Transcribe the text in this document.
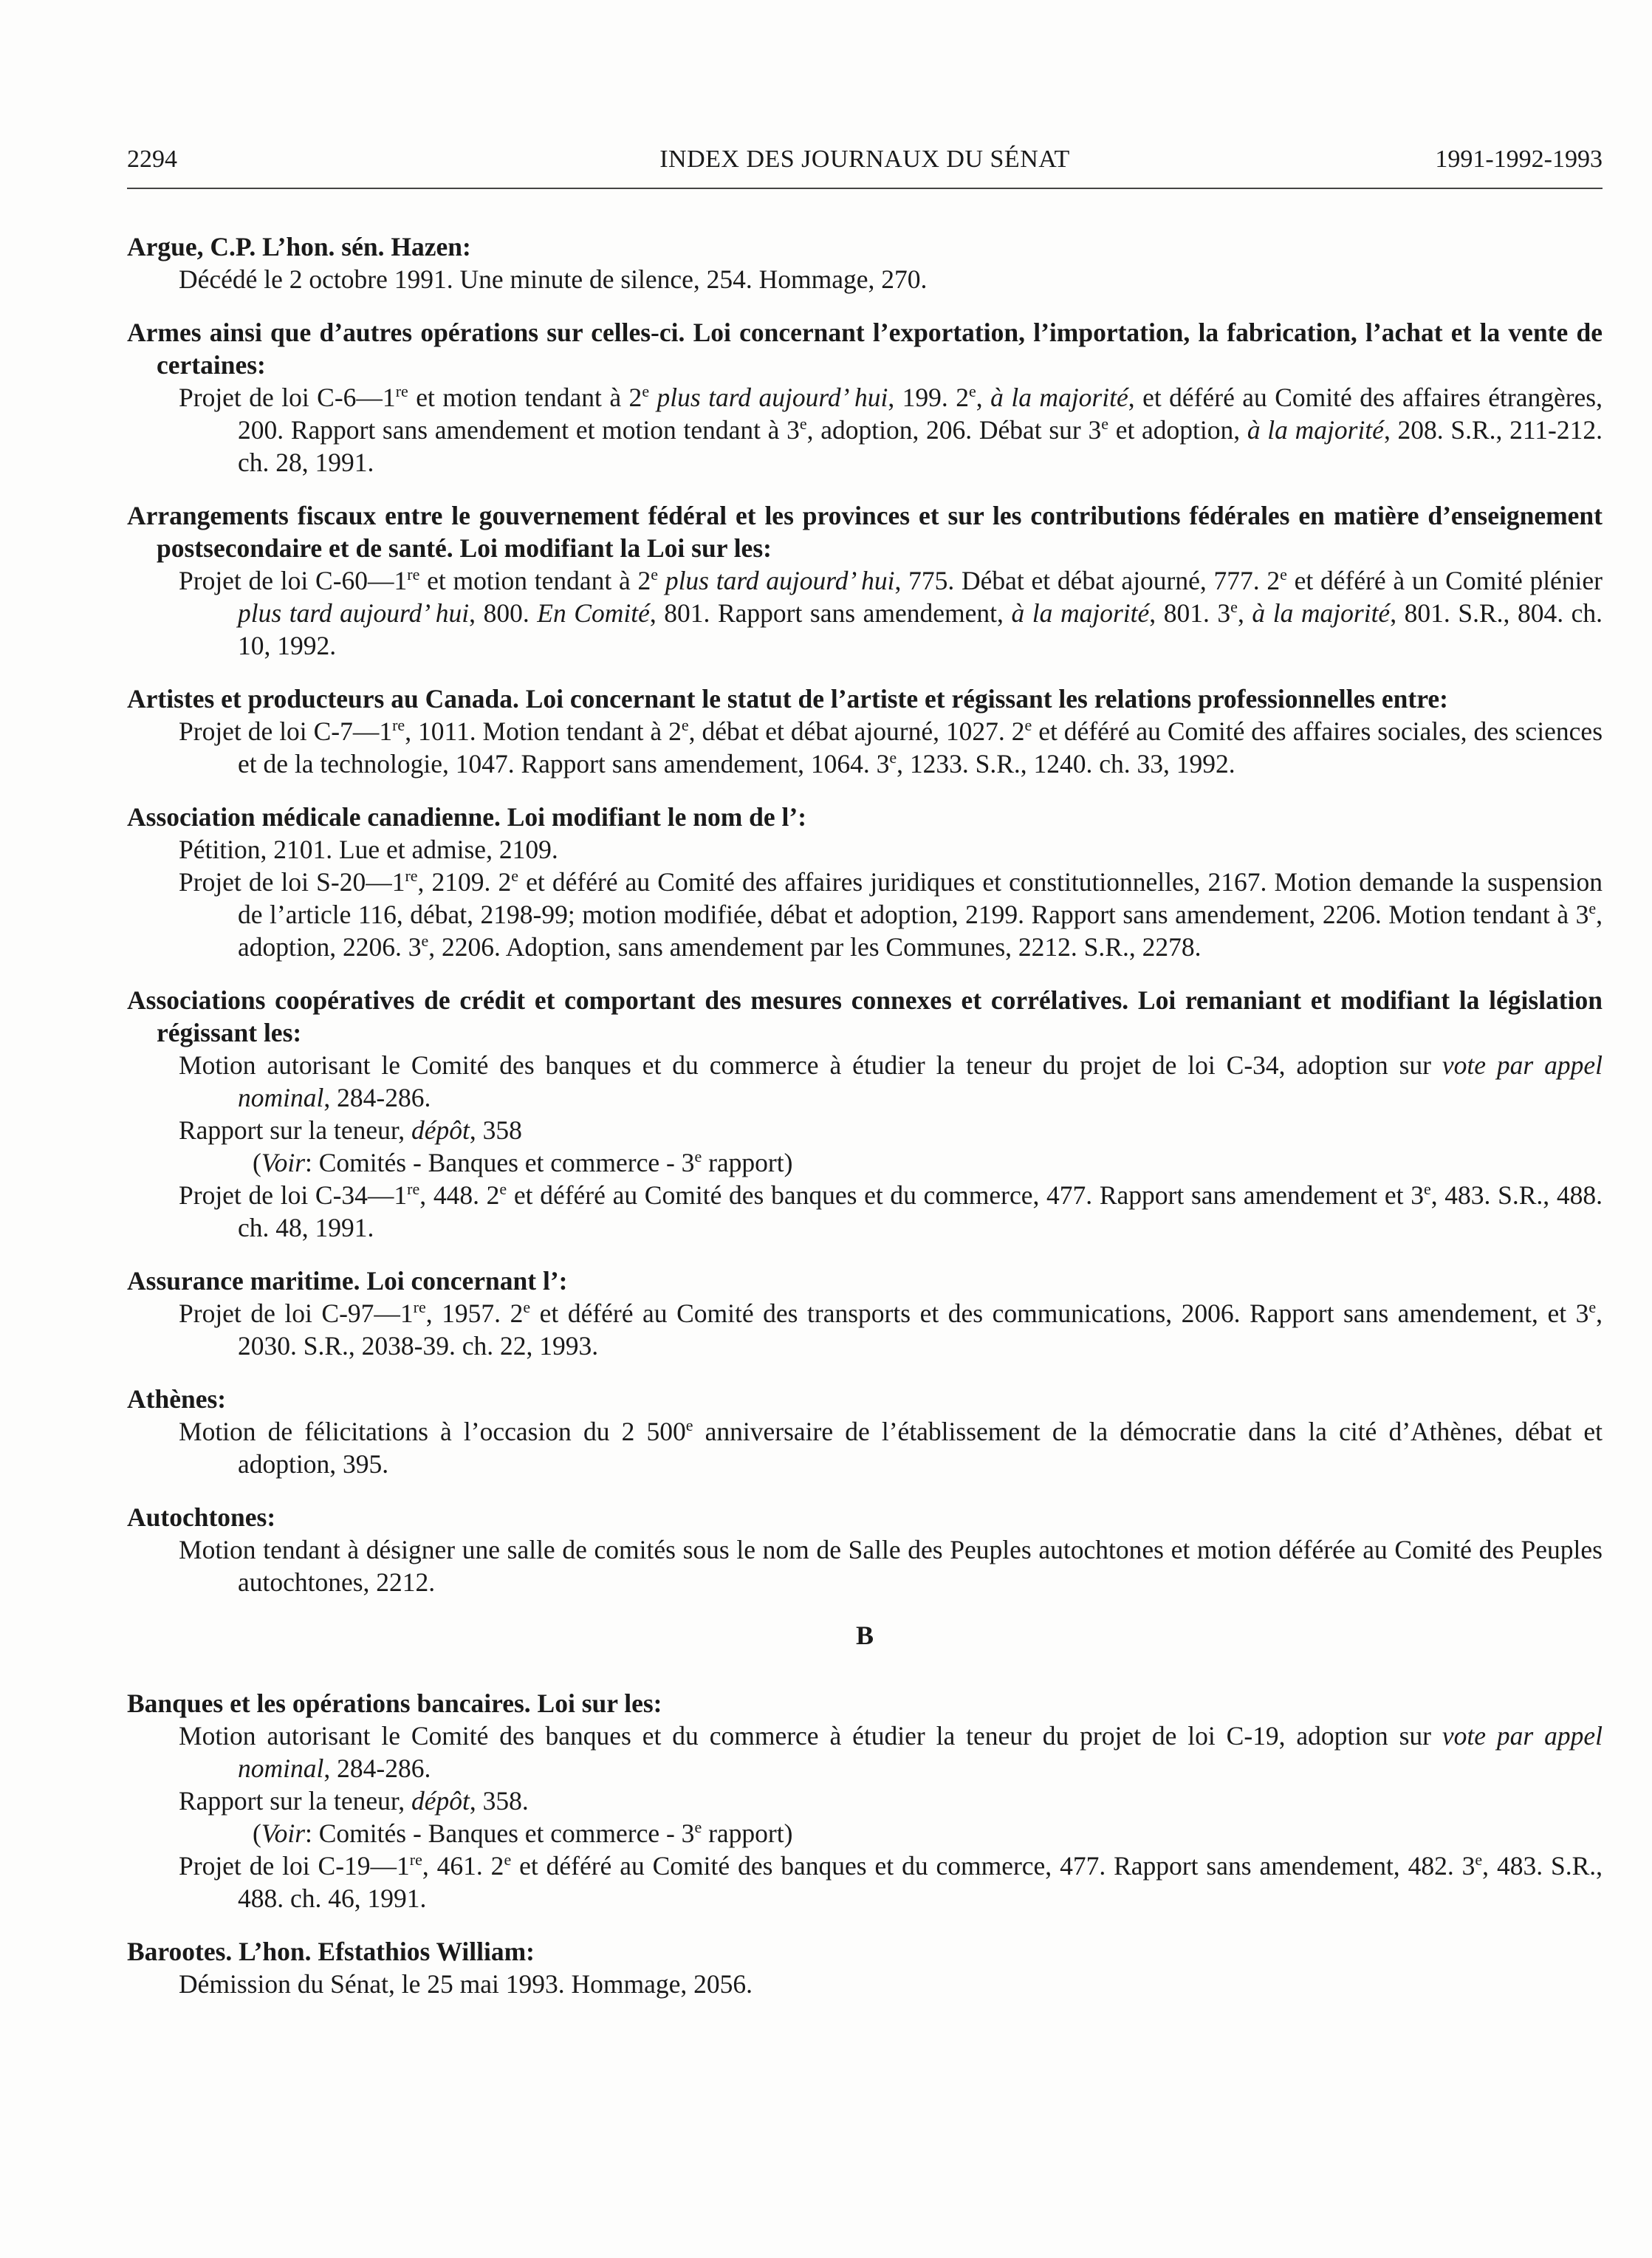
2294	INDEX DES JOURNAUX DU SÉNAT	1991-1992-1993
Argue, C.P. L’hon. sén. Hazen:
Décédé le 2 octobre 1991. Une minute de silence, 254. Hommage, 270.
Armes ainsi que d’autres opérations sur celles-ci. Loi concernant l’exportation, l’importation, la fabrication, l’achat et la vente de certaines:
Projet de loi C-6—1re et motion tendant à 2e plus tard aujourd’ hui, 199. 2e, à la majorité, et déféré au Comité des affaires étrangères, 200. Rapport sans amendement et motion tendant à 3e, adoption, 206. Débat sur 3e et adoption, à la majorité, 208. S.R., 211-212. ch. 28, 1991.
Arrangements fiscaux entre le gouvernement fédéral et les provinces et sur les contributions fédérales en matière d’enseignement postsecondaire et de santé. Loi modifiant la Loi sur les:
Projet de loi C-60—1re et motion tendant à 2e plus tard aujourd’ hui, 775. Débat et débat ajourné, 777. 2e et déféré à un Comité plénier plus tard aujourd’ hui, 800. En Comité, 801. Rapport sans amendement, à la majorité, 801. 3e, à la majorité, 801. S.R., 804. ch. 10, 1992.
Artistes et producteurs au Canada. Loi concernant le statut de l’artiste et régissant les relations professionnelles entre:
Projet de loi C-7—1re, 1011. Motion tendant à 2e, débat et débat ajourné, 1027. 2e et déféré au Comité des affaires sociales, des sciences et de la technologie, 1047. Rapport sans amendement, 1064. 3e, 1233. S.R., 1240. ch. 33, 1992.
Association médicale canadienne. Loi modifiant le nom de l’:
Pétition, 2101. Lue et admise, 2109.
Projet de loi S-20—1re, 2109. 2e et déféré au Comité des affaires juridiques et constitutionnelles, 2167. Motion demande la suspension de l’article 116, débat, 2198-99; motion modifiée, débat et adoption, 2199. Rapport sans amendement, 2206. Motion tendant à 3e, adoption, 2206. 3e, 2206. Adoption, sans amendement par les Communes, 2212. S.R., 2278.
Associations coopératives de crédit et comportant des mesures connexes et corrélatives. Loi remaniant et modifiant la législation régissant les:
Motion autorisant le Comité des banques et du commerce à étudier la teneur du projet de loi C-34, adoption sur vote par appel nominal, 284-286.
Rapport sur la teneur, dépôt, 358
(Voir: Comités - Banques et commerce - 3e rapport)
Projet de loi C-34—1re, 448. 2e et déféré au Comité des banques et du commerce, 477. Rapport sans amendement et 3e, 483. S.R., 488. ch. 48, 1991.
Assurance maritime. Loi concernant l’:
Projet de loi C-97—1re, 1957. 2e et déféré au Comité des transports et des communications, 2006. Rapport sans amendement, et 3e, 2030. S.R., 2038-39. ch. 22, 1993.
Athènes:
Motion de félicitations à l’occasion du 2 500e anniversaire de l’établissement de la démocratie dans la cité d’Athènes, débat et adoption, 395.
Autochtones:
Motion tendant à désigner une salle de comités sous le nom de Salle des Peuples autochtones et motion déférée au Comité des Peuples autochtones, 2212.
B
Banques et les opérations bancaires. Loi sur les:
Motion autorisant le Comité des banques et du commerce à étudier la teneur du projet de loi C-19, adoption sur vote par appel nominal, 284-286.
Rapport sur la teneur, dépôt, 358.
(Voir: Comités - Banques et commerce - 3e rapport)
Projet de loi C-19—1re, 461. 2e et déféré au Comité des banques et du commerce, 477. Rapport sans amendement, 482. 3e, 483. S.R., 488. ch. 46, 1991.
Barootes. L’hon. Efstathios William:
Démission du Sénat, le 25 mai 1993. Hommage, 2056.
